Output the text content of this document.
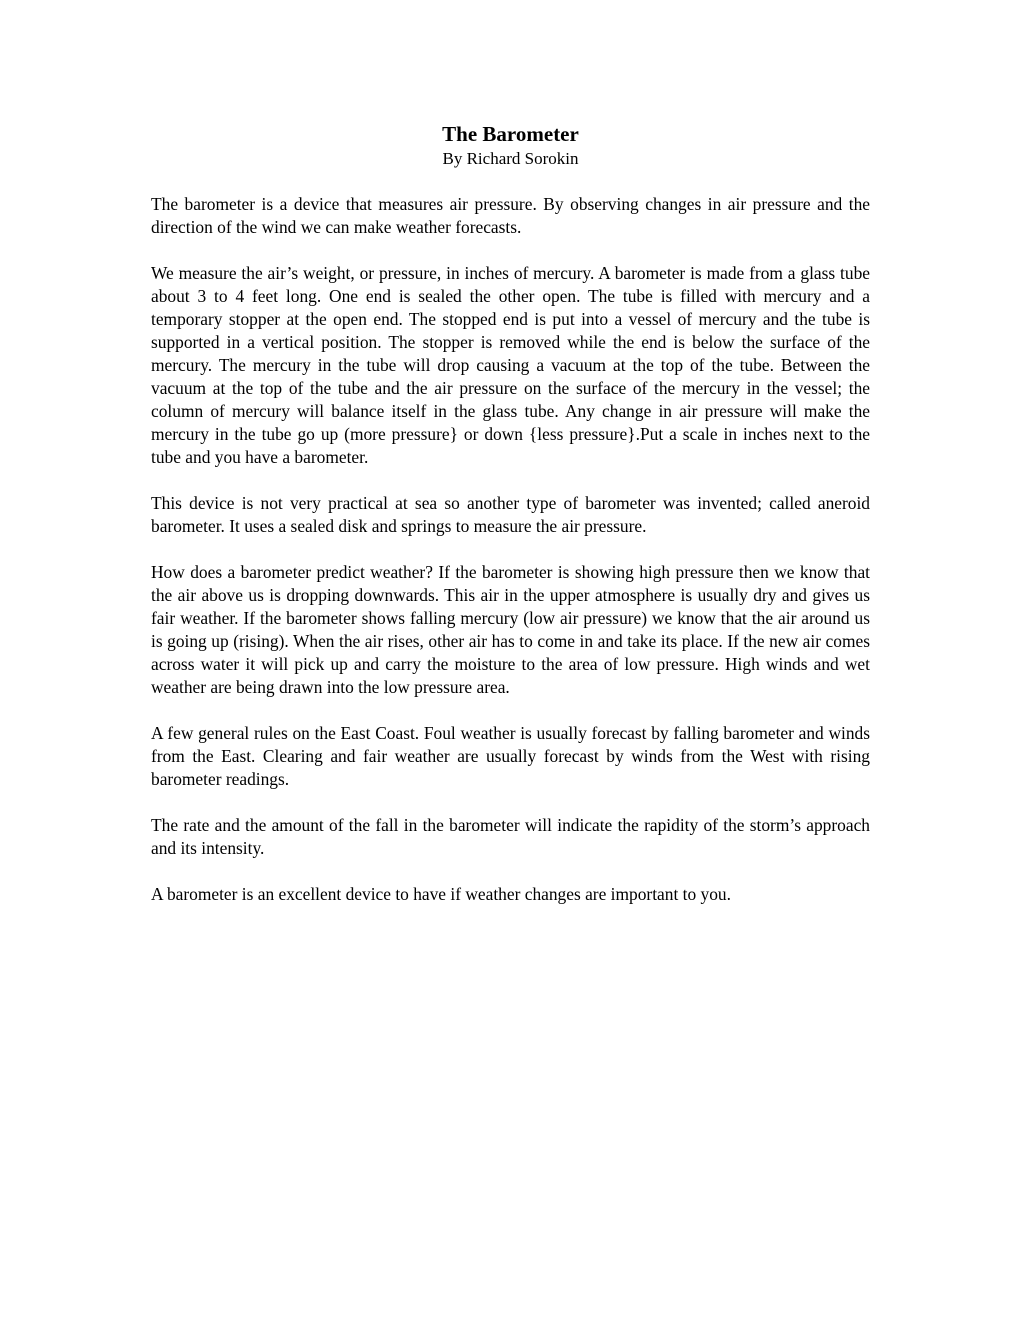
The Barometer

By Richard Sorokin

The barometer is a device that measures air pressure. By observing changes in air pressure and the direction of the wind we can make weather forecasts.

We measure the air’s weight, or pressure, in inches of mercury. A barometer is made from a glass tube about 3 to 4 feet long. One end is sealed the other open. The tube is filled with mercury and a temporary stopper at the open end. The stopped end is put into a vessel of mercury and the tube is supported in a vertical position. The stopper is removed while the end is below the surface of the mercury. The mercury in the tube will drop causing a vacuum at the top of the tube. Between the vacuum at the top of the tube and the air pressure on the surface of the mercury in the vessel; the column of mercury will balance itself in the glass tube. Any change in air pressure will make the mercury in the tube go up (more pressure} or down {less pressure}.Put a scale in inches next to the tube and you have a barometer.

This device is not very practical at sea so another type of barometer was invented; called aneroid barometer. It uses a sealed disk and springs to measure the air pressure.

How does a barometer predict weather? If the barometer is showing high pressure then we know that the air above us is dropping downwards. This air in the upper atmosphere is usually dry and gives us fair weather. If the barometer shows falling mercury (low air pressure) we know that the air around us is going up (rising). When the air rises, other air has to come in and take its place. If the new air comes across water it will pick up and carry the moisture to the area of low pressure. High winds and wet weather are being drawn into the low pressure area.

A few general rules on the East Coast. Foul weather is usually forecast by falling barometer and winds from the East. Clearing and fair weather are usually forecast by winds from the West with rising barometer readings.

The rate and the amount of the fall in the barometer will indicate the rapidity of the storm’s approach and its intensity.

A barometer is an excellent device to have if weather changes are important to you.
